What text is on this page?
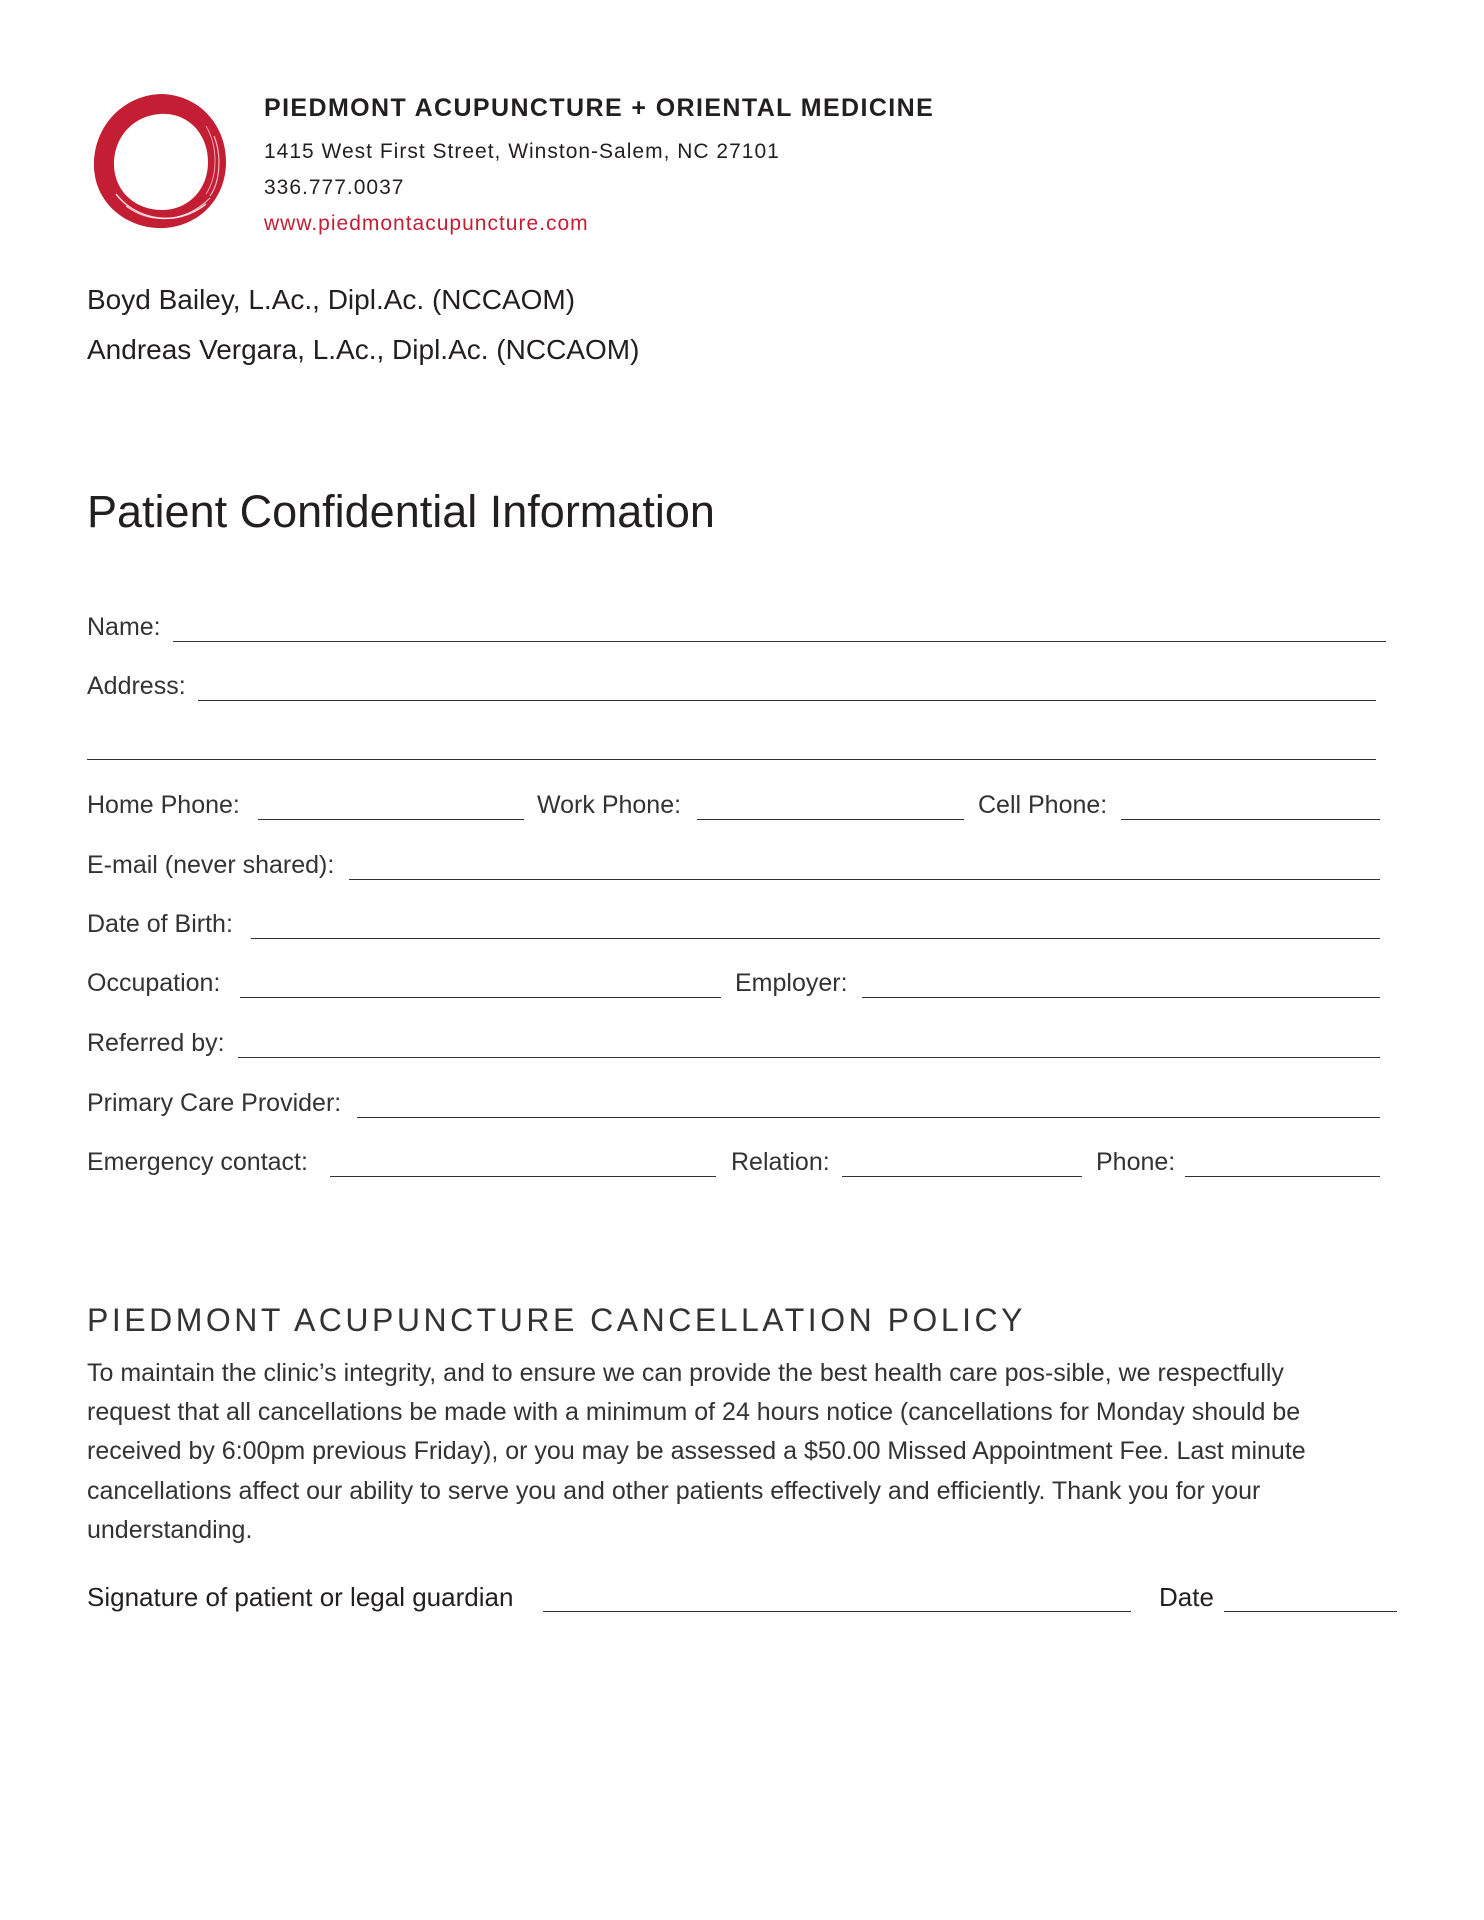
PIEDMONT ACUPUNCTURE + ORIENTAL MEDICINE
1415 West First Street, Winston-Salem, NC 27101
336.777.0037
www.piedmontacupuncture.com
Boyd Bailey, L.Ac., Dipl.Ac. (NCCAOM)
Andreas Vergara, L.Ac., Dipl.Ac. (NCCAOM)
Patient Confidential Information
Name:
Address:
Home Phone:	Work Phone:	Cell Phone:
E-mail (never shared):
Date of Birth:
Occupation:	Employer:
Referred by:
Primary Care Provider:
Emergency contact:	Relation:	Phone:
PIEDMONT ACUPUNCTURE CANCELLATION POLICY
To maintain the clinic’s integrity, and to ensure we can provide the best health care pos-sible, we respectfully
request that all cancellations be made with a minimum of 24 hours notice (cancellations for Monday should be
received by 6:00pm previous Friday), or you may be assessed a $50.00 Missed Appointment Fee. Last minute
cancellations affect our ability to serve you and other patients effectively and efficiently. Thank you for your
understanding.
Signature of patient or legal guardian	Date
